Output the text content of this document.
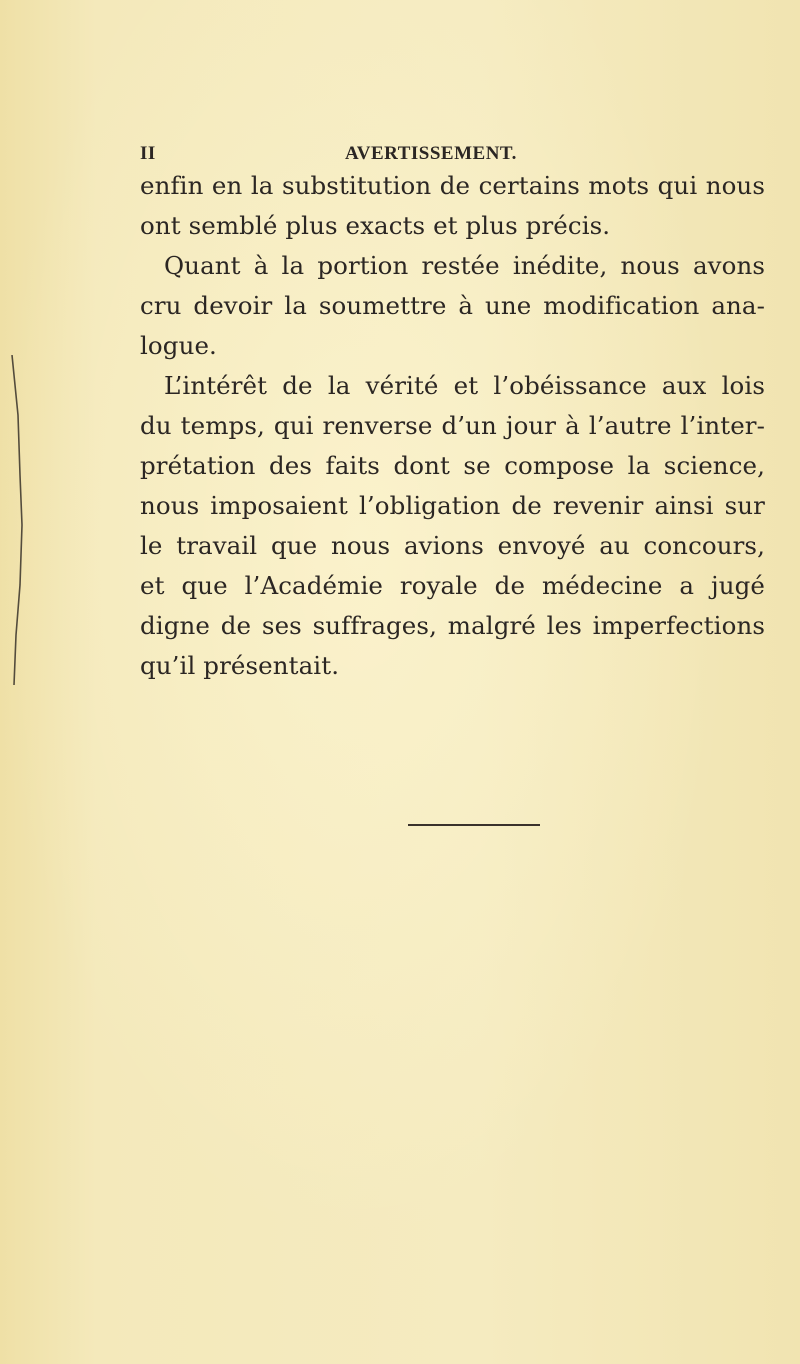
II	AVERTISSEMENT.
enfin en la substitution de certains mots qui nous
ont semblé plus exacts et plus précis.
Quant à la portion restée inédite, nous avons
cru devoir la soumettre à une modification ana-
logue.
L’intérêt de la vérité et l’obéissance aux lois
du temps, qui renverse d’un jour à l’autre l’inter-
prétation des faits dont se compose la science,
nous imposaient l’obligation de revenir ainsi sur
le travail que nous avions envoyé au concours,
et que l’Académie royale de médecine a jugé
digne de ses suffrages, malgré les imperfections
qu’il présentait.
